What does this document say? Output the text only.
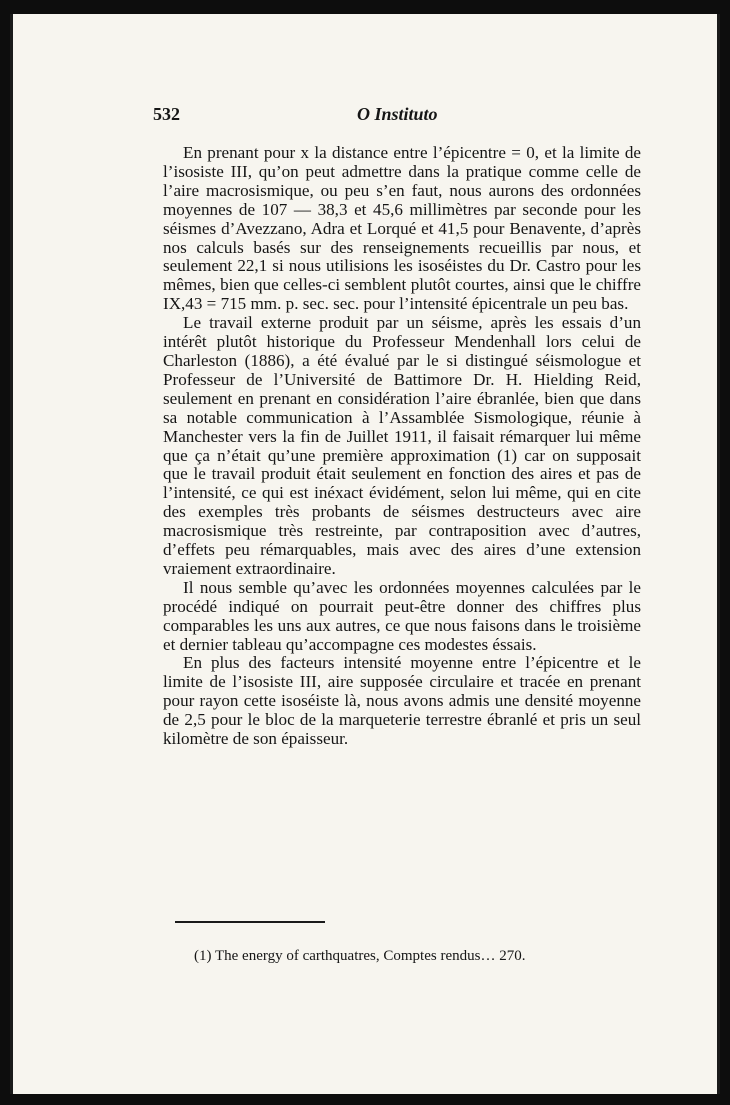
532	O Instituto

En prenant pour x la distance entre l’épicentre = 0, et la limite de l’isosiste III, qu’on peut admettre dans la pratique comme celle de l’aire macrosismique, ou peu s’en faut, nous aurons des ordonnées moyennes de 107 — 38,3 et 45,6 millimètres par seconde pour les séismes d’Avezzano, Adra et Lorqué et 41,5 pour Benavente, d’après nos calculs basés sur des renseignements recueillis par nous, et seulement 22,1 si nous utilisions les isoséistes du Dr. Castro pour les mêmes, bien que celles-ci semblent plutôt courtes, ainsi que le chiffre IX,43 = 715 mm. p. sec. sec. pour l’intensité épicentrale un peu bas.

Le travail externe produit par un séisme, après les essais d’un intérêt plutôt historique du Professeur Mendenhall lors celui de Charleston (1886), a été évalué par le si distingué séismologue et Professeur de l’Université de Battimore Dr. H. Hielding Reid, seulement en prenant en considération l’aire ébranlée, bien que dans sa notable communication à l’Assamblée Sismologique, réunie à Manchester vers la fin de Juillet 1911, il faisait rémarquer lui même que ça n’était qu’une première approximation (1) car on supposait que le travail produit était seulement en fonction des aires et pas de l’intensité, ce qui est inéxact évidément, selon lui même, qui en cite des exemples très probants de séismes destructeurs avec aire macrosismique très restreinte, par contraposition avec d’autres, d’effets peu rémarquables, mais avec des aires d’une extension vraiement extraordinaire.

Il nous semble qu’avec les ordonnées moyennes calculées par le procédé indiqué on pourrait peut-être donner des chiffres plus comparables les uns aux autres, ce que nous faisons dans le troisième et dernier tableau qu’accompagne ces modestes éssais.

En plus des facteurs intensité moyenne entre l’épicentre et le limite de l’isosiste III, aire supposée circulaire et tracée en prenant pour rayon cette isoséiste là, nous avons admis une densité moyenne de 2,5 pour le bloc de la marqueterie terrestre ébranlé et pris un seul kilomètre de son épaisseur.

(1) The energy of carthquatres, Comptes rendus… 270.
